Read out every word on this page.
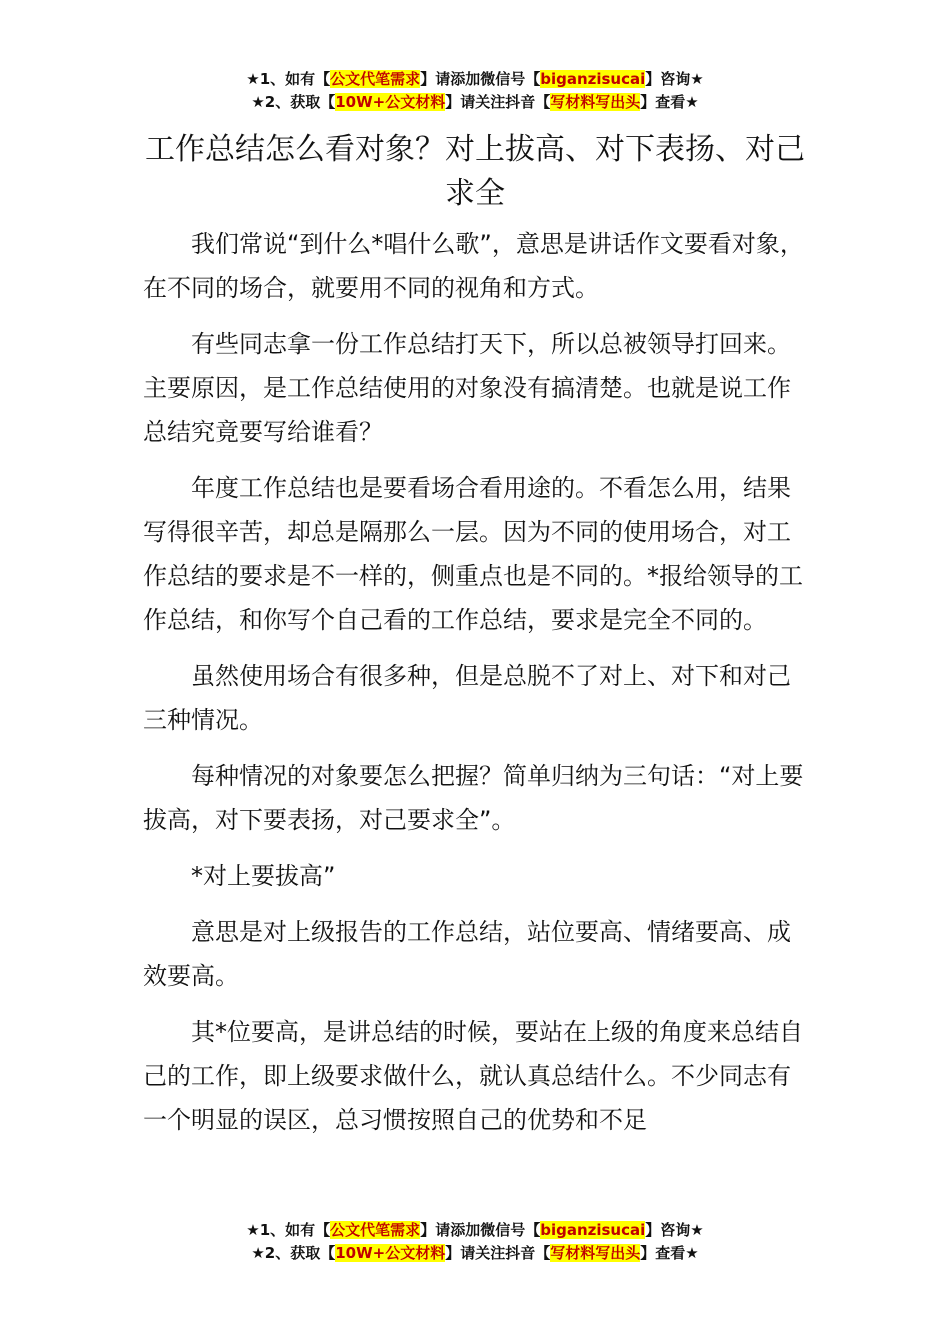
★1、如有【公文代笔需求】请添加微信号【biganzisucai】咨询★
★2、获取【10W+公文材料】请关注抖音【写材料写出头】查看★
工作总结怎么看对象？对上拔高、对下表扬、对己求全

我们常说“到什么*唱什么歌”，意思是讲话作文要看对象，在不同的场合，就要用不同的视角和方式。

有些同志拿一份工作总结打天下，所以总被领导打回来。主要原因，是工作总结使用的对象没有搞清楚。也就是说工作总结究竟要写给谁看？

年度工作总结也是要看场合看用途的。不看怎么用，结果写得很辛苦，却总是隔那么一层。因为不同的使用场合，对工作总结的要求是不一样的，侧重点也是不同的。*报给领导的工作总结，和你写个自己看的工作总结，要求是完全不同的。

虽然使用场合有很多种，但是总脱不了对上、对下和对己三种情况。

每种情况的对象要怎么把握？简单归纳为三句话：“对上要拔高，对下要表扬，对己要求全”。

*对上要拔高”

意思是对上级报告的工作总结，站位要高、情绪要高、成效要高。

其*位要高，是讲总结的时候，要站在上级的角度来总结自己的工作，即上级要求做什么，就认真总结什么。不少同志有一个明显的误区，总习惯按照自己的优势和不足

★1、如有【公文代笔需求】请添加微信号【biganzisucai】咨询★
★2、获取【10W+公文材料】请关注抖音【写材料写出头】查看★
